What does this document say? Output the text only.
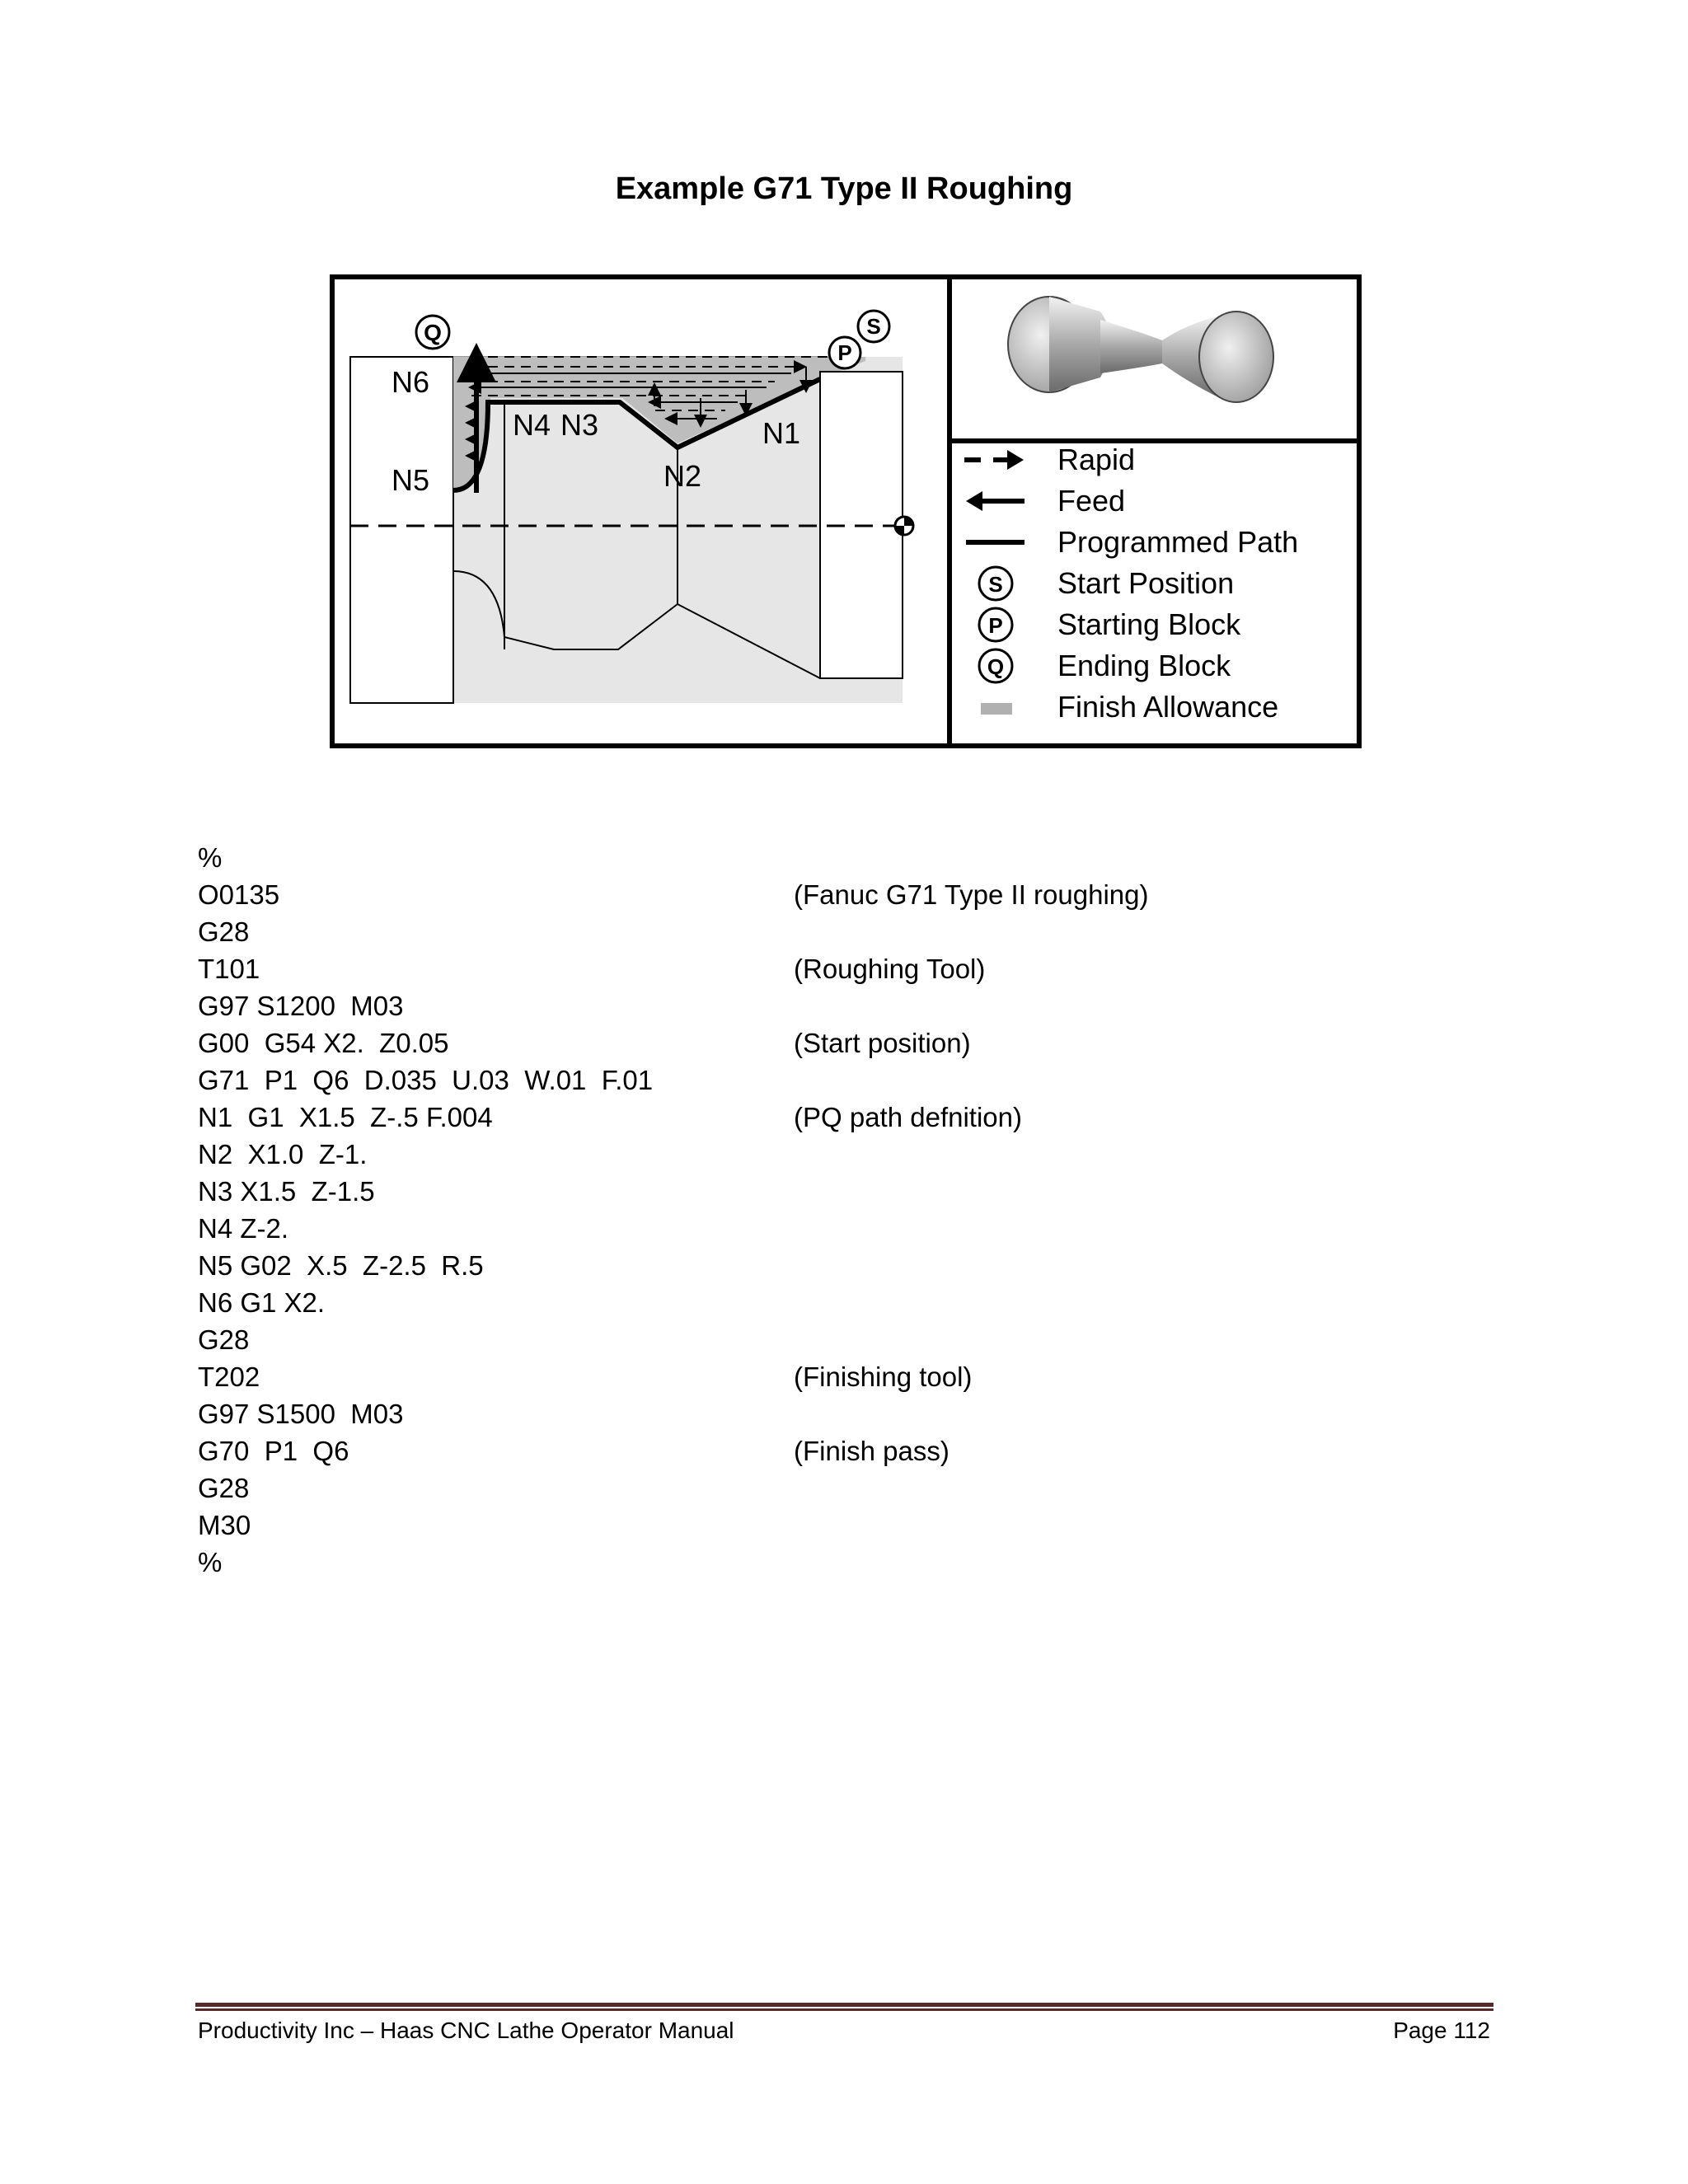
Example G71 Type II Roughing
Q
P
S
N6
N5
N4 N3
N2
N1
Rapid
Feed
Programmed Path
S Start Position
P Starting Block
Q Ending Block
Finish Allowance
%
O0135	(Fanuc G71 Type II roughing)
G28
T101	(Roughing Tool)
G97 S1200  M03
G00  G54 X2.  Z0.05	(Start position)
G71  P1  Q6  D.035  U.03  W.01  F.01
N1  G1  X1.5  Z-.5 F.004	(PQ path defnition)
N2  X1.0  Z-1.
N3 X1.5  Z-1.5
N4 Z-2.
N5 G02  X.5  Z-2.5  R.5
N6 G1 X2.
G28
T202	(Finishing tool)
G97 S1500  M03
G70  P1  Q6	(Finish pass)
G28
M30
%
Productivity Inc – Haas CNC Lathe Operator Manual	Page 112
